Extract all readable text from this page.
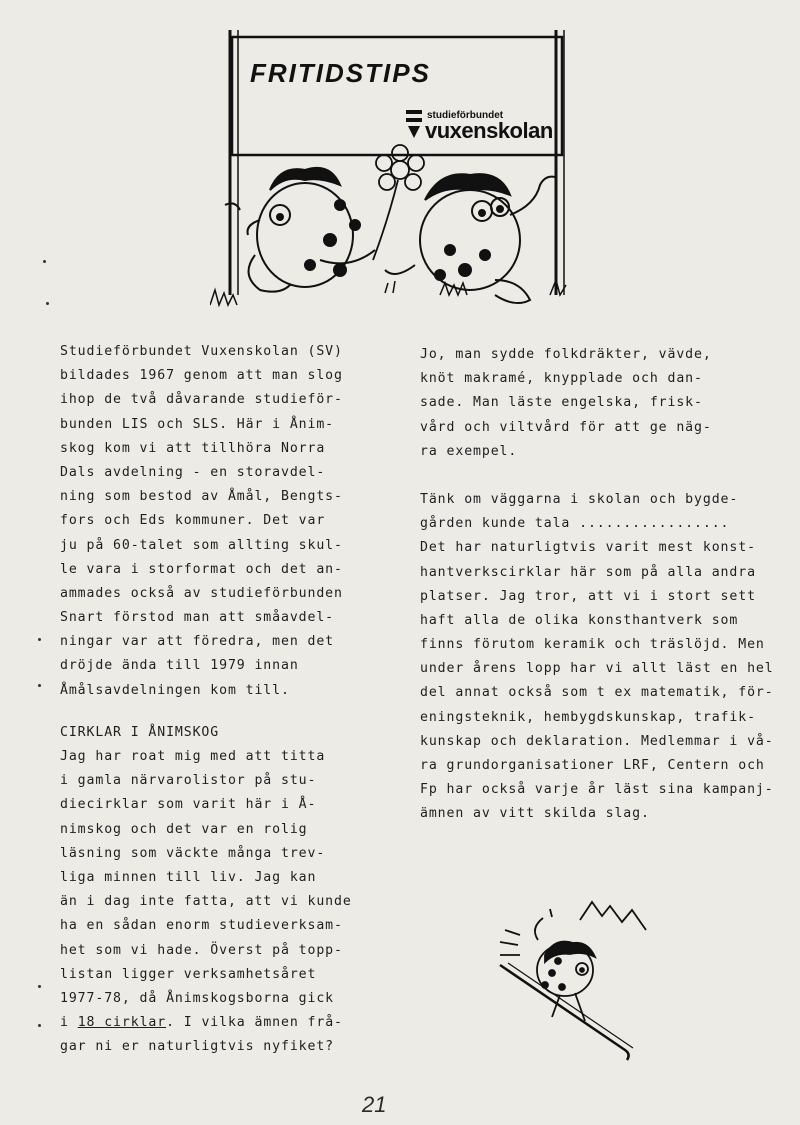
FRITIDSTIPS
studieförbundet
vuxenskolan
Studieförbundet Vuxenskolan (SV)
bildades 1967 genom att man slog
ihop de två dåvarande studieför-
bunden LIS och SLS. Här i Ånim-
skog kom vi att tillhöra Norra
Dals avdelning - en storavdel-
ning som bestod av Åmål, Bengts-
fors och Eds kommuner. Det var
ju på 60-talet som allting skul-
le vara i storformat och det an-
ammades också av studieförbunden
Snart förstod man att småavdel-
ningar var att föredra, men det
dröjde ända till 1979 innan
Åmålsavdelningen kom till.
CIRKLAR I ÅNIMSKOG
Jag har roat mig med att titta
i gamla närvarolistor på stu-
diecirklar som varit här i Å-
nimskog och det var en rolig
läsning som väckte många trev-
liga minnen till liv. Jag kan
än i dag inte fatta, att vi kunde
ha en sådan enorm studieverksam-
het som vi hade. Överst på topp-
listan ligger verksamhetsåret
1977-78, då Ånimskogsborna gick
i 18 cirklar. I vilka ämnen frå-
gar ni er naturligtvis nyfiket?
Jo, man sydde folkdräkter, vävde,
knöt makramé, knypplade och dan-
sade. Man läste engelska, frisk-
vård och viltvård för att ge näg-
ra exempel.
Tänk om väggarna i skolan och bygde-
gården kunde tala .................
Det har naturligtvis varit mest konst-
hantverkscirklar här som på alla andra
platser. Jag tror, att vi i stort sett
haft alla de olika konsthantverk som
finns förutom keramik och träslöjd. Men
under årens lopp har vi allt läst en hel
del annat också som t ex matematik, för-
eningsteknik, hembygdskunskap, trafik-
kunskap och deklaration. Medlemmar i vå-
ra grundorganisationer LRF, Centern och
Fp har också varje år läst sina kampanj-
ämnen av vitt skilda slag.
21
